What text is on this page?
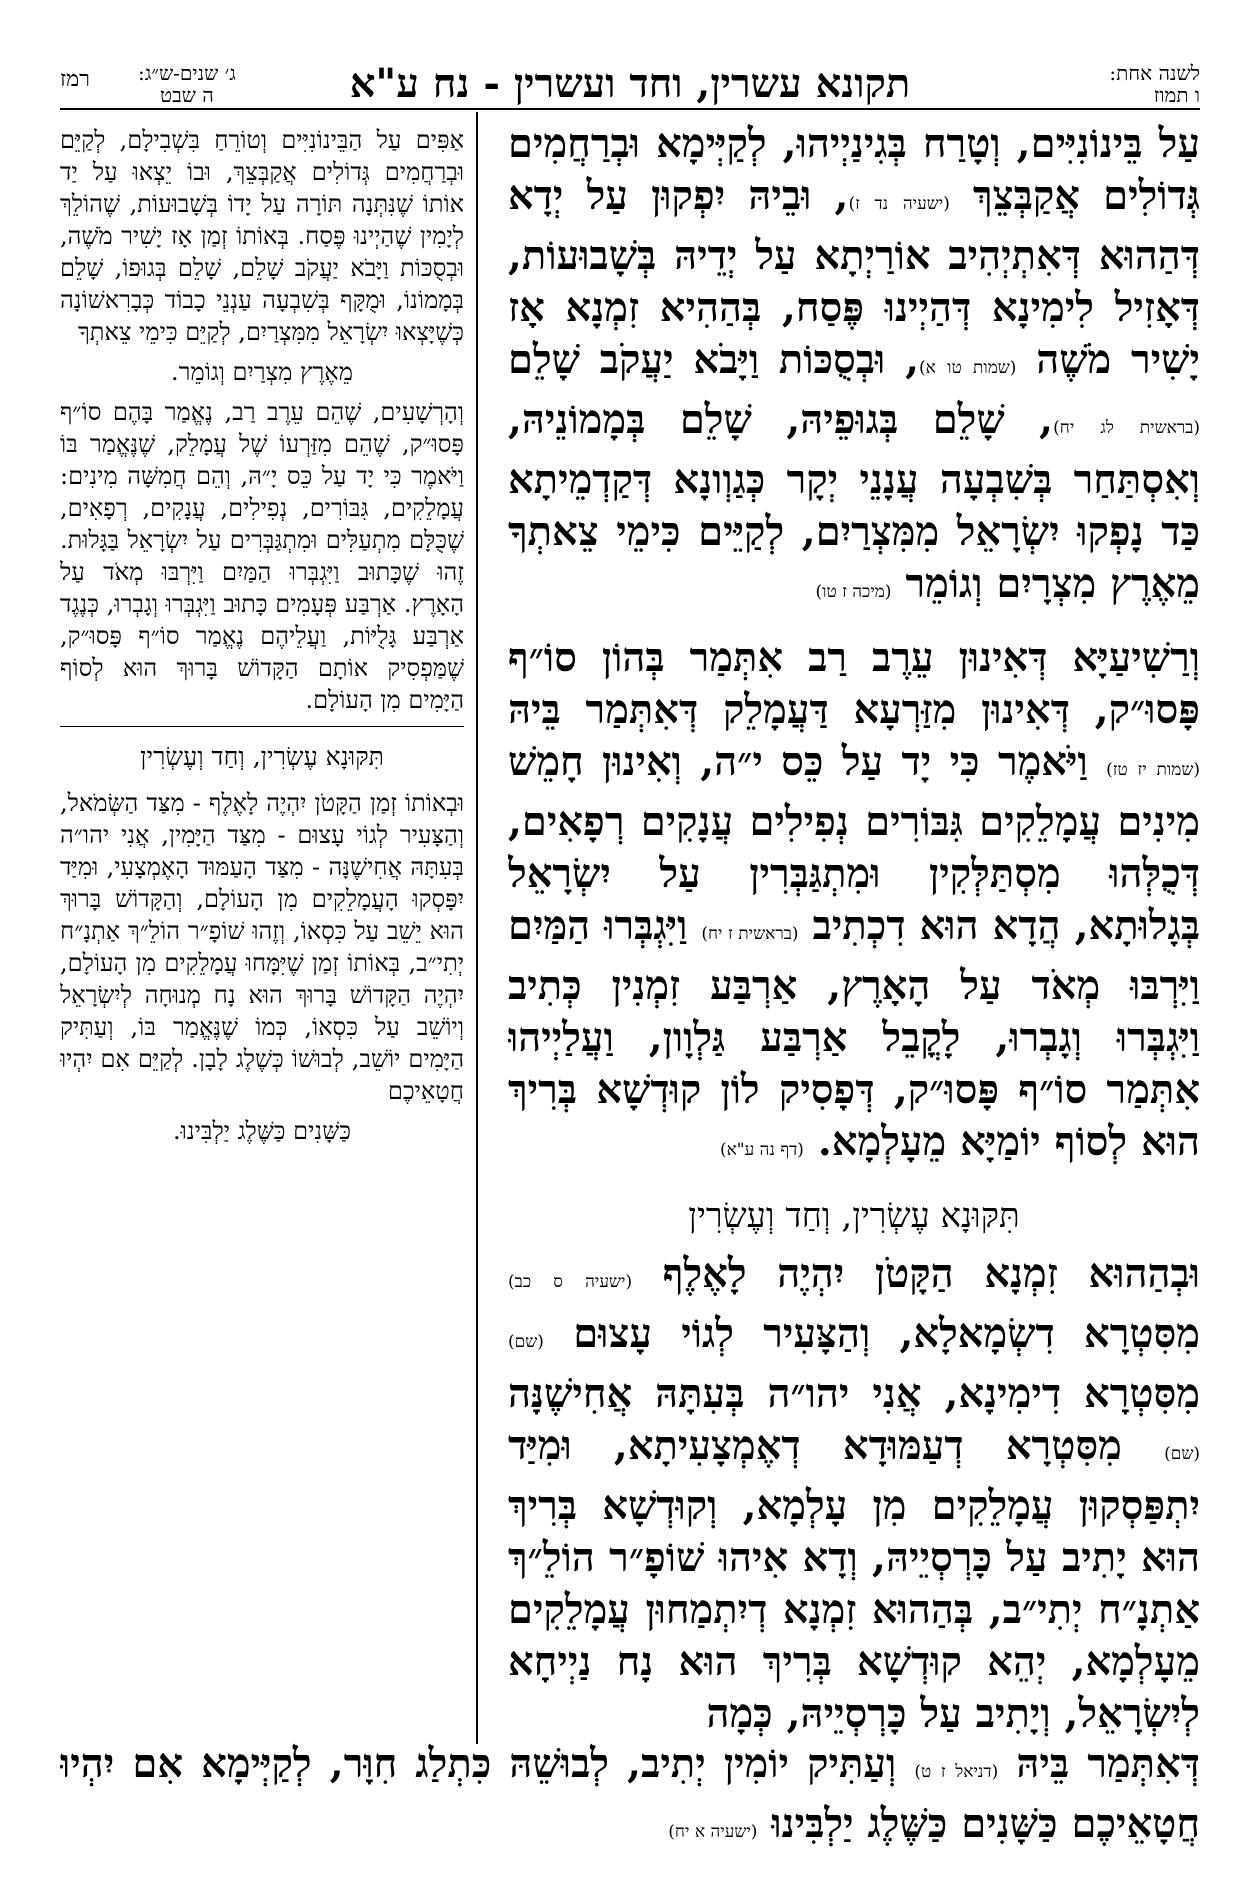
לשנה אחת:
ו תמוז
תקונא עשרין, וחד ועשרין - נח ע"א
ג׳ שנים-ש״ג:
ה שבט
רמז

עַל בֵּינוֹנִיִּים, וְטָרַח בְּגִינַיְיהוּ, לְקַיְּימָא וּבְרַחֲמִים גְּדוֹלִים אֲקַבְּצֵךְ (ישעיה נד ז), וּבֵיהּ יִפְקוּן עַל יְדָא דְּהַהוּא דְּאִתְיְהִיב אוֹרַיְתָא עַל יְדֵיהּ בְּשָׁבוּעוֹת, דְּאָזִיל לִימִינָא דְּהַיְינוּ פֶּסַח, בְּהַהִיא זִמְנָא אָז יָשִׁיר מֹשֶׁה (שמות טו א), וּבְסֻכּוֹת וַיָּבֹא יַעֲקֹב שָׁלֵם (בראשית לג יח), שָׁלֵם בְּגוּפֵיהּ, שָׁלֵם בְּמָמוֹנֵיהּ, וְאִסְתַּחַר בְּשִׁבְעָה עֲנָנֵי יְקָר כְּגַוְונָא דְּקַדְמֵיתָא כַּד נָפְקוּ יִשְׂרָאֵל מִמִּצְרַיִם, לְקַיֵּים כִּימֵי צֵאתְךָ מֵאֶרֶץ מִצְרָיִם וְגוֹמֵר (מיכה ז טו)

וְרַשִׁיעַיָּא דְּאִינוּן עֵרֶב רַב אִתְּמַר בְּהוֹן סוֹ״ף פָּסוּ״ק, דְּאִינוּן מִזַּרְעָא דַּעֲמָלֵק דְּאִתְּמַר בֵּיהּ (שמות יז טז) וַיֹּאמֶר כִּי יָד עַל כֵּס י״ה, וְאִינוּן חָמֵשׁ מִינִים עֲמָלֵקִים גִּבּוֹרִים נְפִילִים עֲנָקִים רְפָאִים, דְּכֻלְּהוּ מִסְתַּלְּקִין וּמִתְגַּבְּרִין עַל יִשְׂרָאֵל בְּגָלוּתָא, הֲדָא הוּא דִכְתִיב (בראשית ז יח) וַיִּגְבְּרוּ הַמַּיִם וַיִּרְבּוּ מְאֹד עַל הָאָרֶץ, אַרְבַּע זִמְנִין כְּתִיב וַיִּגְבְּרוּ וְגָבְרוּ, לָקֳבֵל אַרְבַּע גַּלְוָון, וַעֲלַיְיהוּ אִתְּמַר סוֹ״ף פָּסוּ״ק, דְּפָסִיק לוֹן קוּדְשָׁא בְּרִיךְ הוּא לְסוֹף יוֹמַיָּא מֵעָלְמָא. (דף נה ע"א)

תִּקּוּנָא עֶשְׂרִין, וְחַד וְעֶשְׂרִין

וּבְהַהוּא זִמְנָא הַקָּטֹן יִהְיֶה לָאֶלֶף (ישעיה ס כב) מִסִּטְרָא דִשְׂמָאלָא, וְהַצָּעִיר לְגוֹי עָצוּם (שם) מִסִּטְרָא דִימִינָא, אֲנִי יהו״ה בְּעִתָּהּ אֲחִישֶׁנָּה (שם) מִסִּטְרָא דְעַמּוּדָא דְאֶמְצָעִיתָא, וּמִיַּד יִתְפַּסְקוּן עֲמָלֵקִים מִן עָלְמָא, וְקוּדְשָׁא בְּרִיךְ הוּא יָתִיב עַל כָּרְסְיֵיהּ, וְדָא אִיהוּ שׁוֹפָ״ר הוֹלֵ״ךְ אַתְנָ״ח יְתִי״ב, בְּהַהוּא זִמְנָא דְיִתְמַחוּן עֲמָלֵקִים מֵעָלְמָא, יְהֵא קוּדְשָׁא בְּרִיךְ הוּא נָח נַיְיחָא לְיִשְׂרָאֵל, וְיָתִיב עַל כָּרְסְיֵיהּ, כְּמָה

אַפִּים עַל הַבֵּינוֹנִיִּים וְטוֹרֵחַ בִּשְׁבִילָם, לְקַיֵּם וּבְרַחֲמִים גְּדוֹלִים אֲקַבְּצֵךְ, וּבוֹ יֵצְאוּ עַל יַד אוֹתוֹ שֶׁנִּתְּנָה תּוֹרָה עַל יָדוֹ בְּשָׁבוּעוֹת, שֶׁהוֹלֵךְ לְיָמִין שֶׁהַיְינוּ פֶּסַח. בְּאוֹתוֹ זְמַן אָז יָשִׁיר מֹשֶׁה, וּבְסֻכּוֹת וַיָּבֹא יַעֲקֹב שָׁלֵם, שָׁלֵם בְּגוּפוֹ, שָׁלֵם בְּמָמוֹנוֹ, וּמֻקָּף בְּשִׁבְעָה עַנְנֵי כָבוֹד כְּבָרִאשׁוֹנָה כְּשֶׁיָּצְאוּ יִשְׂרָאֵל מִמִּצְרַיִם, לְקַיֵּם כִּימֵי צֵאתְךָ

מֵאֶרֶץ מִצְרַיִם וְגוֹמֵר.

וְהָרְשָׁעִים, שֶׁהֵם עֵרֶב רַב, נֶאֱמַר בָּהֶם סוֹ״ף פָּסוּ״ק, שֶׁהֵם מִזַּרְעוֹ שֶׁל עֲמָלֵק, שֶׁנֶּאֱמַר בּוֹ וַיֹּאמֶר כִּי יָד עַל כֵּס יָ״הּ, וְהֵם חֲמִשָּׁה מִינִים: עֲמָלֵקִים, גִּבּוֹרִים, נְפִילִים, עֲנָקִים, רְפָאִים, שֶׁכֻּלָּם מִתְעַלִּים וּמִתְגַּבְּרִים עַל יִשְׂרָאֵל בַּגָּלוּת. זֶהוּ שֶׁכָּתוּב וַיִּגְבְּרוּ הַמַּיִם וַיִּרְבּוּ מְאֹד עַל הָאָרֶץ. אַרְבַּע פְּעָמִים כָּתוּב וַיִּגְבְּרוּ וְגָבְרוּ, כְּנֶגֶד אַרְבַּע גָּלֻיּוֹת, וַעֲלֵיהֶם נֶאֱמַר סוֹ״ף פָּסוּ״ק, שֶׁמַּפְסִיק אוֹתָם הַקָּדוֹשׁ בָּרוּךְ הוּא לְסוֹף הַיָּמִים מִן הָעוֹלָם.

תִּקּוּנָא עֶשְׂרִין, וְחַד וְעֶשְׂרִין

וּבְאוֹתוֹ זְמַן הַקָּטֹן יִהְיֶה לָאֶלֶף - מִצַּד הַשְּׂמֹאל, וְהַצָּעִיר לְגוֹי עָצוּם - מִצַּד הַיָּמִין, אֲנִי יהו״ה בְּעִתָּהּ אֲחִישֶׁנָּה - מִצַּד הָעַמּוּד הָאֶמְצָעִי, וּמִיַּד יִפָּסְקוּ הָעֲמָלֵקִים מִן הָעוֹלָם, וְהַקָּדוֹשׁ בָּרוּךְ הוּא יֵשֵׁב עַל כִּסְאוֹ, וְזֶהוּ שׁוֹפָ״ר הוֹלֵ״ךְ אַתְנָ״ח יְתִי״ב, בְּאוֹתוֹ זְמַן שֶׁיִּמָּחוּ עֲמָלֵקִים מִן הָעוֹלָם, יִהְיֶה הַקָּדוֹשׁ בָּרוּךְ הוּא נָח מְנוּחָה לְיִשְׂרָאֵל וְיוֹשֵׁב עַל כִּסְאוֹ, כְּמוֹ שֶׁנֶּאֱמַר בּוֹ, וְעַתִּיק הַיָּמִים יוֹשֵׁב, לְבוּשׁוֹ כְּשֶׁלֶג לָבָן. לְקַיֵּם אִם יִהְיוּ חֲטָאֵיכֶם

כַּשָּׁנִים כַּשֶּׁלֶג יַלְבִּינוּ.

דְּאִתְּמַר בֵּיהּ (דניאל ז ט) וְעַתִּיק יוֹמִין יְתִיב, לְבוּשֵׁהּ כִּתְלַג חִוָּר, לְקַיְּימָא אִם יִהְיוּ חֲטָאֵיכֶם כַּשָּׁנִים כַּשֶּׁלֶג יַלְבִּינוּ (ישעיה א יח)
